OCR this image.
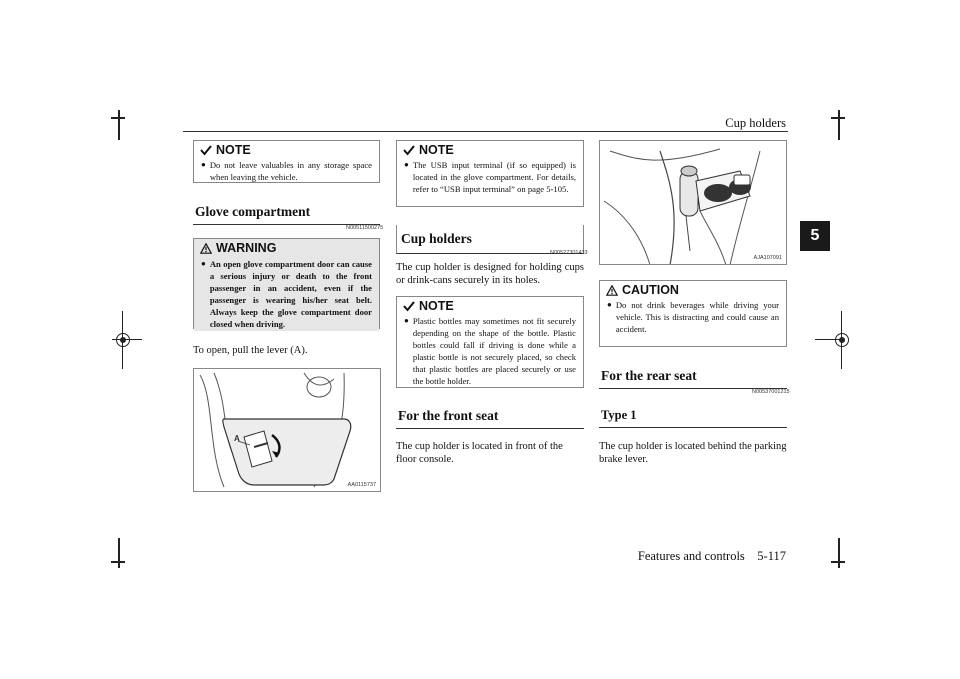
Cup holders
5
NOTE
● Do not leave valuables in any storage space when leaving the vehicle.
Glove compartment
N00511500275
WARNING
● An open glove compartment door can cause a serious injury or death to the front passenger in an accident, even if the passenger is wearing his/her seat belt. Always keep the glove compartment door closed when driving.
To open, pull the lever (A).
A
AA0115737
NOTE
● The USB input terminal (if so equipped) is located in the glove compartment. For details, refer to “USB input terminal” on page 5-105.
Cup holders
N00527301433
The cup holder is designed for holding cups or drink-cans securely in its holes.
NOTE
● Plastic bottles may sometimes not fit securely depending on the shape of the bottle. Plastic bottles could fall if driving is done while a plastic bottle is not securely placed, so check that plastic bottles are placed securely or use the bottle holder.
For the front seat
The cup holder is located in front of the floor console.
AJA107091
CAUTION
● Do not drink beverages while driving your vehicle. This is distracting and could cause an accident.
For the rear seat
N00537001215
Type 1
The cup holder is located behind the parking brake lever.
Features and controls    5-117
